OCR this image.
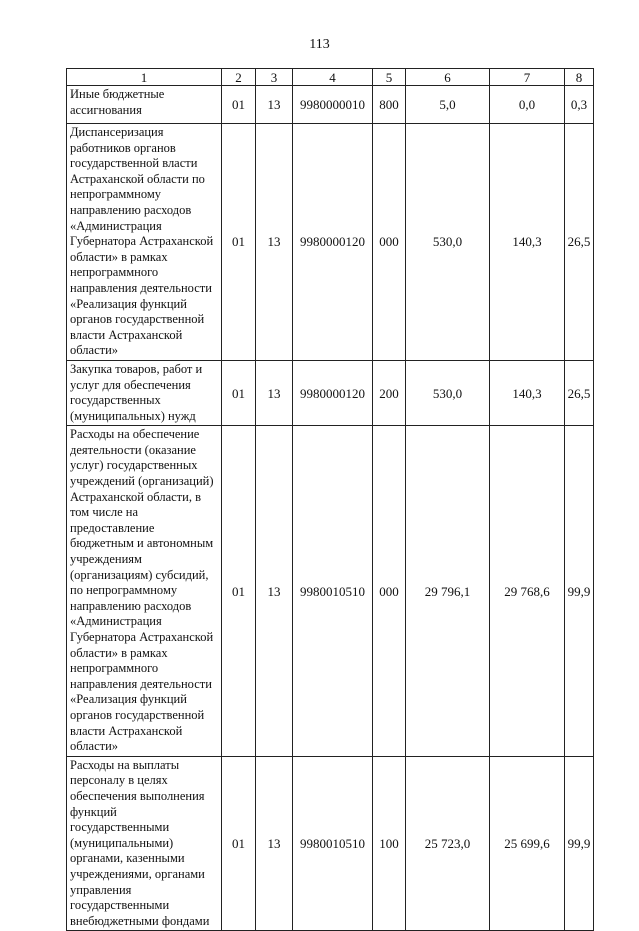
113
1	2	3	4	5	6	7	8
Иные бюджетные ассигнования	01	13	9980000010	800	5,0	0,0	0,3
Диспансеризация работников органов государственной власти Астраханской области по непрограммному направлению расходов «Администрация Губернатора Астраханской области» в рамках непрограммного направления деятельности «Реализация функций органов государственной власти Астраханской области»	01	13	9980000120	000	530,0	140,3	26,5
Закупка товаров, работ и услуг для обеспечения государственных (муниципальных) нужд	01	13	9980000120	200	530,0	140,3	26,5
Расходы на обеспечение деятельности (оказание услуг) государственных учреждений (организаций) Астраханской области, в том числе на предоставление бюджетным и автономным учреждениям (организациям) субсидий, по непрограммному направлению расходов «Администрация Губернатора Астраханской области» в рамках непрограммного направления деятельности «Реализация функций органов государственной власти Астраханской области»	01	13	9980010510	000	29 796,1	29 768,6	99,9
Расходы на выплаты персоналу в целях обеспечения выполнения функций государственными (муниципальными) органами, казенными учреждениями, органами управления государственными внебюджетными фондами	01	13	9980010510	100	25 723,0	25 699,6	99,9
